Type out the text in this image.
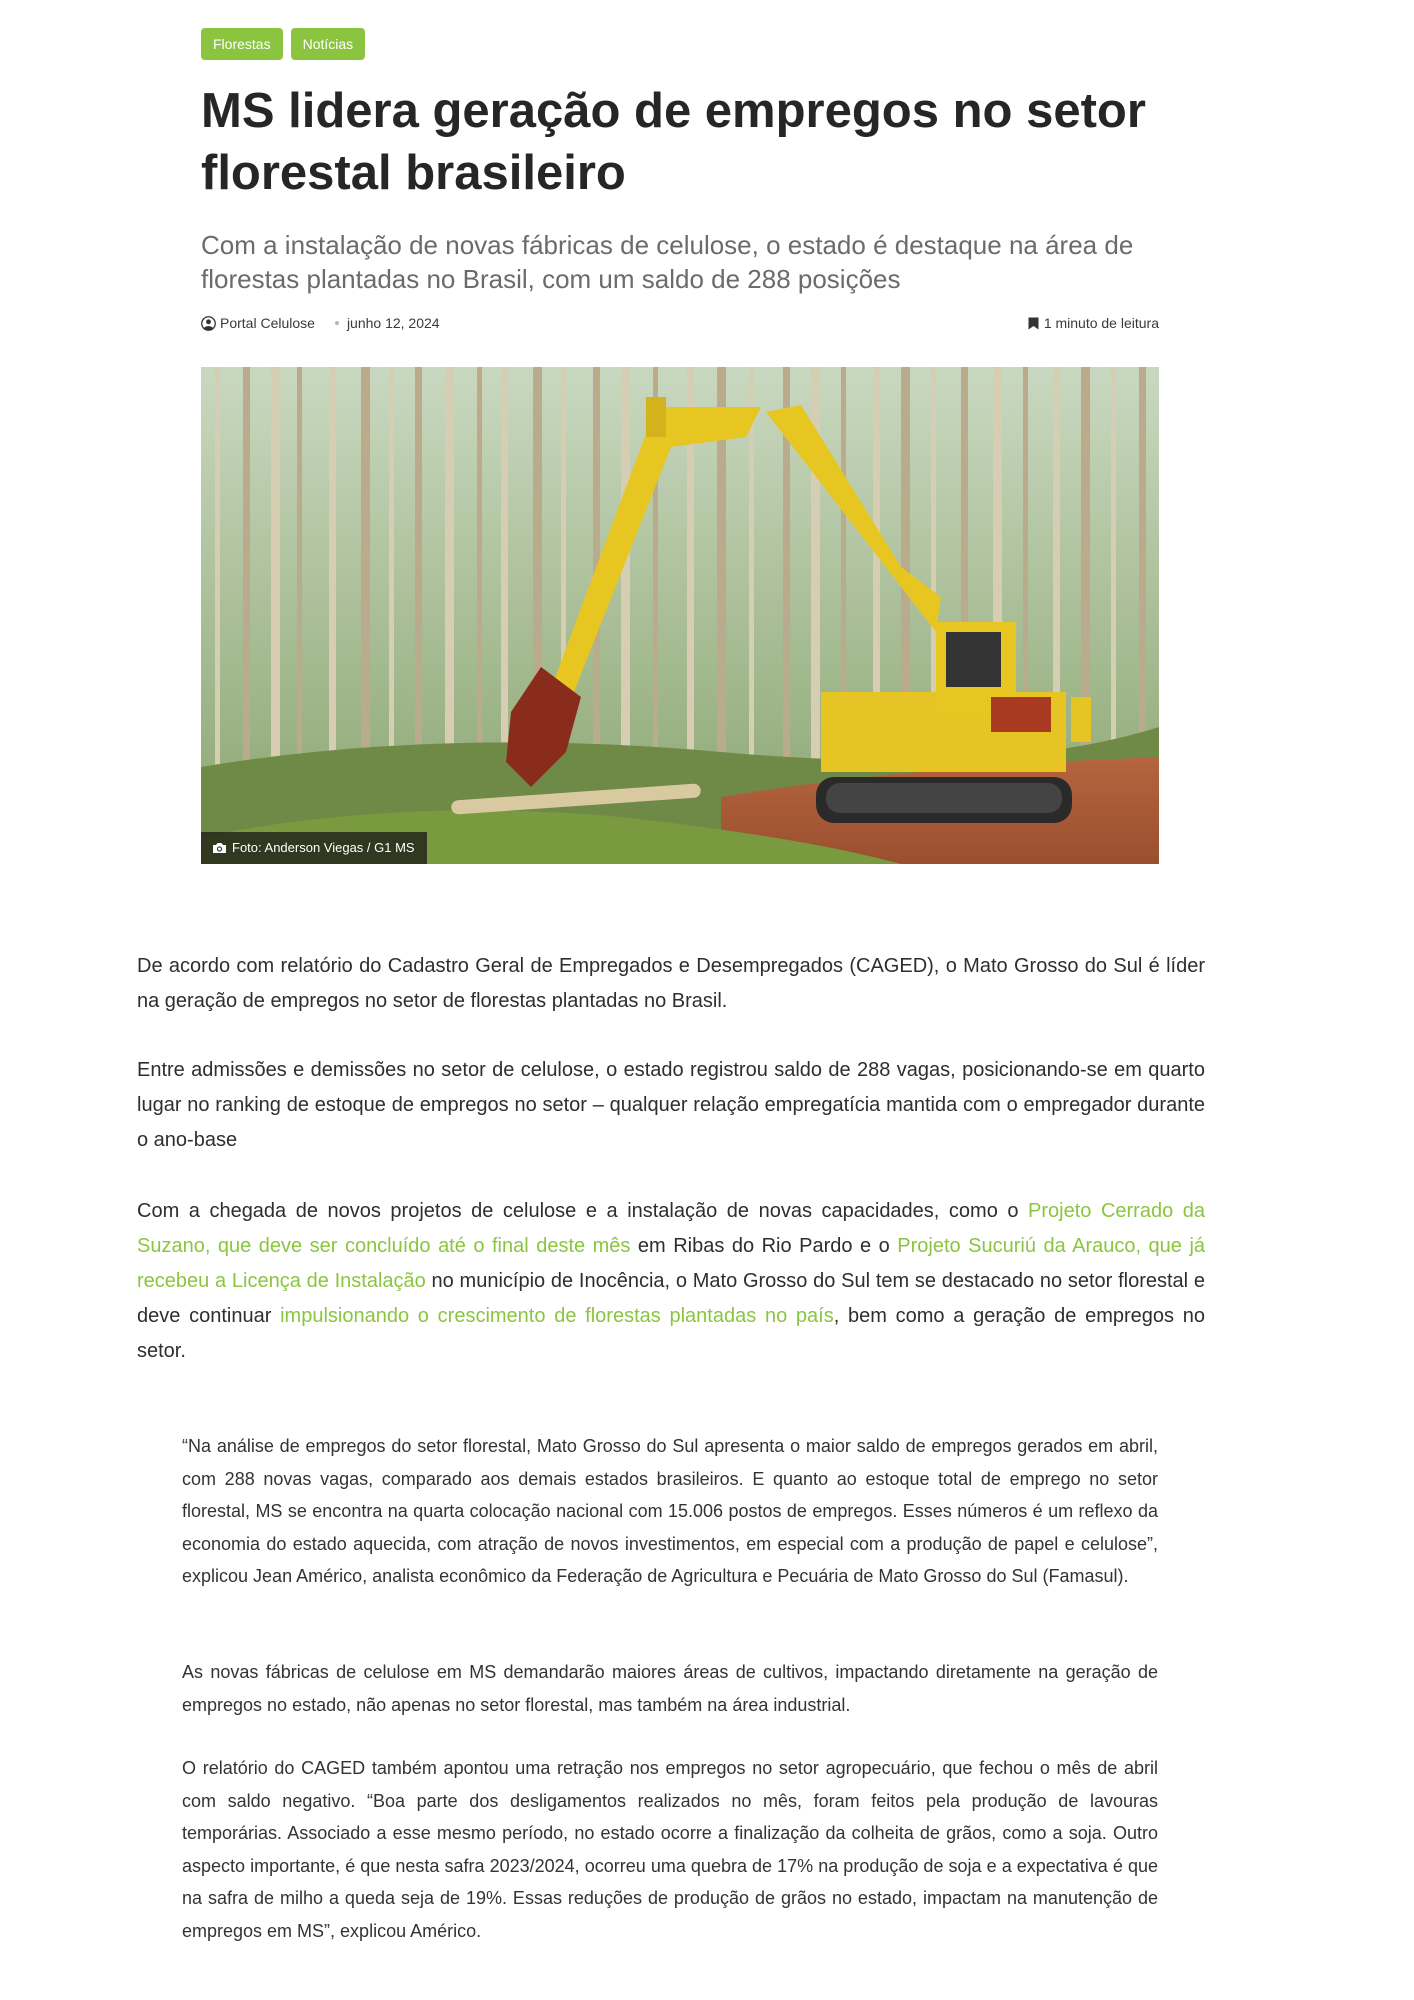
Florestas	Notícias
MS lidera geração de empregos no setor florestal brasileiro

Com a instalação de novas fábricas de celulose, o estado é destaque na área de florestas plantadas no Brasil, com um saldo de 288 posições

Portal Celulose junho 12, 2024	1 minuto de leitura
Foto: Anderson Viegas / G1 MS

De acordo com relatório do Cadastro Geral de Empregados e Desempregados (CAGED), o Mato Grosso do Sul é líder na geração de empregos no setor de florestas plantadas no Brasil.

Entre admissões e demissões no setor de celulose, o estado registrou saldo de 288 vagas, posicionando-se em quarto lugar no ranking de estoque de empregos no setor – qualquer relação empregatícia mantida com o empregador durante o ano-base

Com a chegada de novos projetos de celulose e a instalação de novas capacidades, como o Projeto Cerrado da Suzano, que deve ser concluído até o final deste mês em Ribas do Rio Pardo e o Projeto Sucuriú da Arauco, que já recebeu a Licença de Instalação no município de Inocência, o Mato Grosso do Sul tem se destacado no setor florestal e deve continuar impulsionando o crescimento de florestas plantadas no país, bem como a geração de empregos no setor.

“Na análise de empregos do setor florestal, Mato Grosso do Sul apresenta o maior saldo de empregos gerados em abril, com 288 novas vagas, comparado aos demais estados brasileiros. E quanto ao estoque total de emprego no setor florestal, MS se encontra na quarta colocação nacional com 15.006 postos de empregos. Esses números é um reflexo da economia do estado aquecida, com atração de novos investimentos, em especial com a produção de papel e celulose”, explicou Jean Américo, analista econômico da Federação de Agricultura e Pecuária de Mato Grosso do Sul (Famasul).

As novas fábricas de celulose em MS demandarão maiores áreas de cultivos, impactando diretamente na geração de empregos no estado, não apenas no setor florestal, mas também na área industrial.

O relatório do CAGED também apontou uma retração nos empregos no setor agropecuário, que fechou o mês de abril com saldo negativo. “Boa parte dos desligamentos realizados no mês, foram feitos pela produção de lavouras temporárias. Associado a esse mesmo período, no estado ocorre a finalização da colheita de grãos, como a soja. Outro aspecto importante, é que nesta safra 2023/2024, ocorreu uma quebra de 17% na produção de soja e a expectativa é que na safra de milho a queda seja de 19%. Essas reduções de produção de grãos no estado, impactam na manutenção de empregos em MS”, explicou Américo.
